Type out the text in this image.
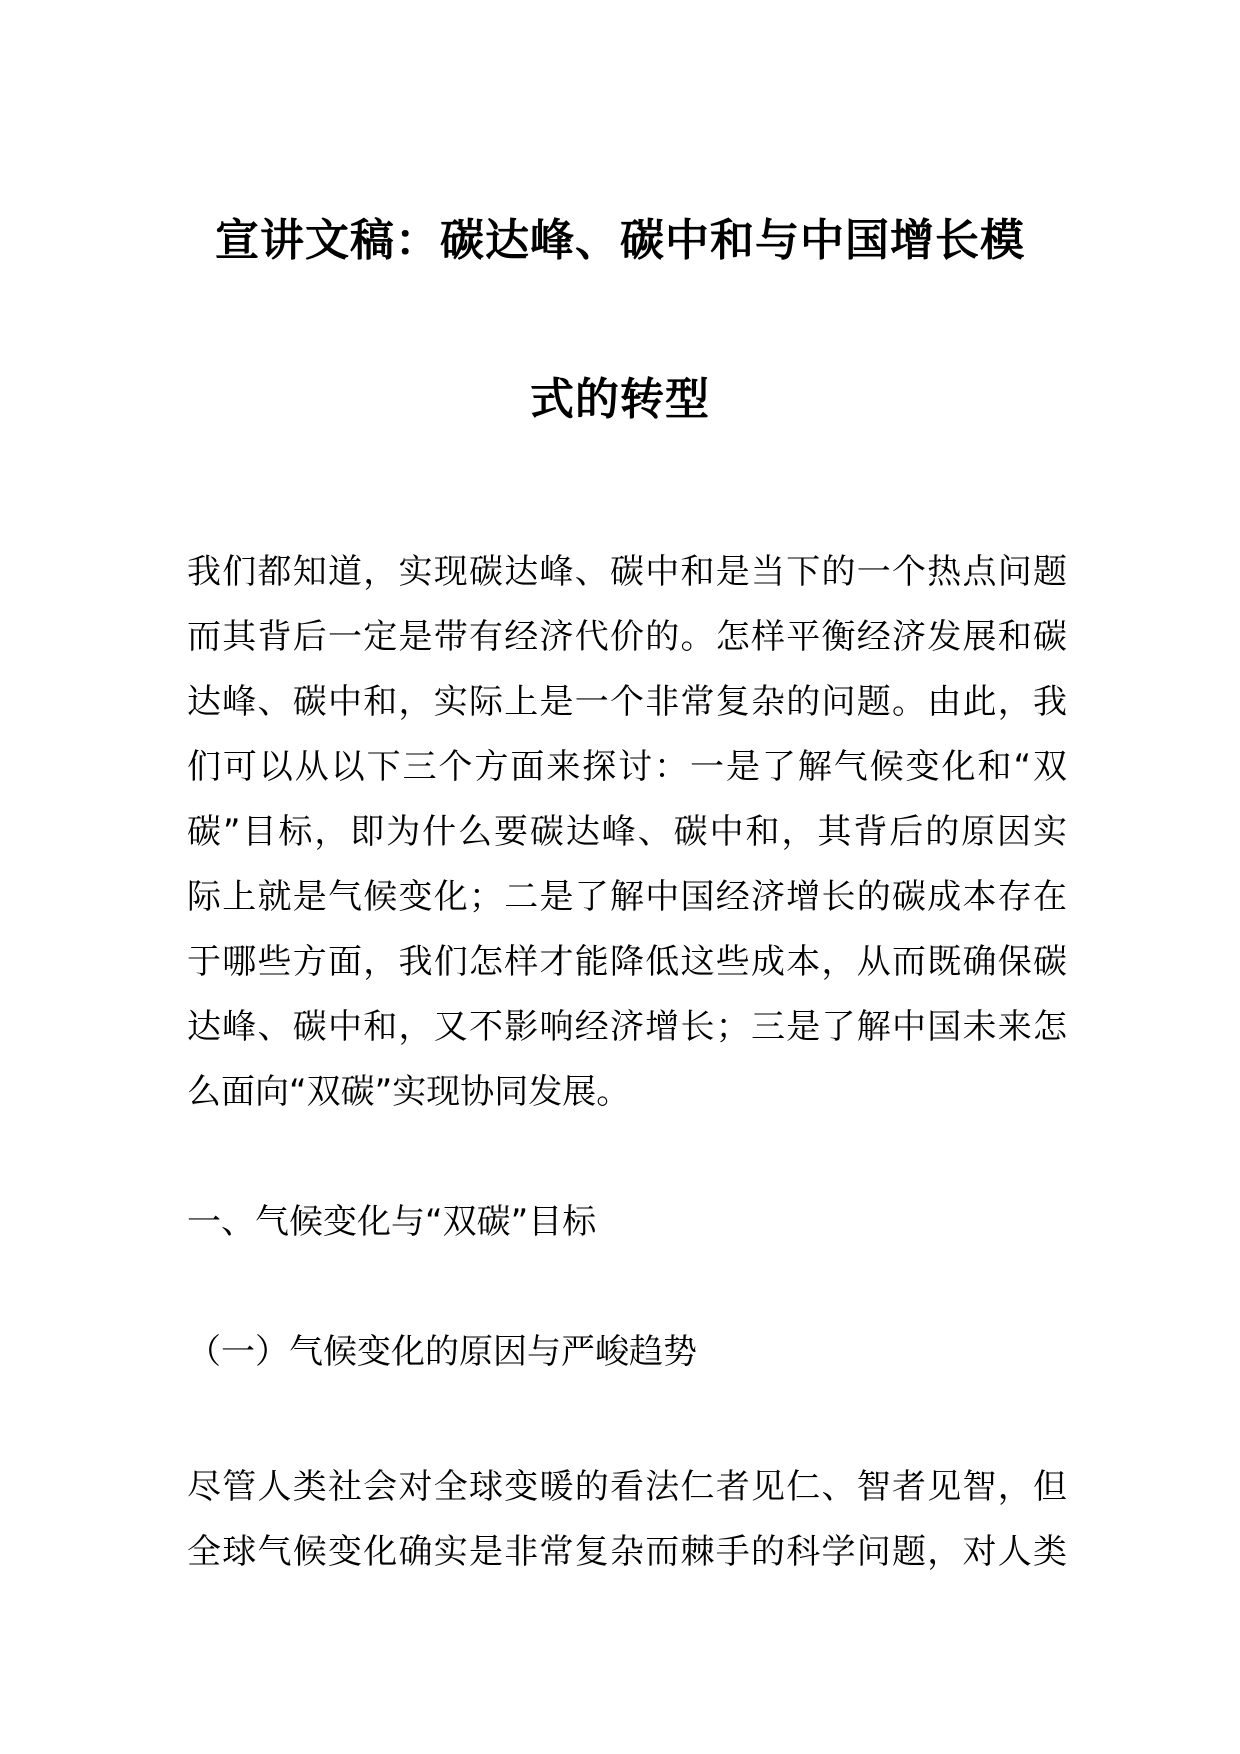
宣讲文稿：碳达峰、碳中和与中国增长模
式的转型
我们都知道，实现碳达峰、碳中和是当下的一个热点问题
而其背后一定是带有经济代价的。怎样平衡经济发展和碳
达峰、碳中和，实际上是一个非常复杂的问题。由此，我
们可以从以下三个方面来探讨：一是了解气候变化和“双
碳”目标，即为什么要碳达峰、碳中和，其背后的原因实
际上就是气候变化；二是了解中国经济增长的碳成本存在
于哪些方面，我们怎样才能降低这些成本，从而既确保碳
达峰、碳中和，又不影响经济增长；三是了解中国未来怎
么面向“双碳”实现协同发展。
一、气候变化与“双碳”目标
（一）气候变化的原因与严峻趋势
尽管人类社会对全球变暖的看法仁者见仁、智者见智，但
全球气候变化确实是非常复杂而棘手的科学问题，对人类
